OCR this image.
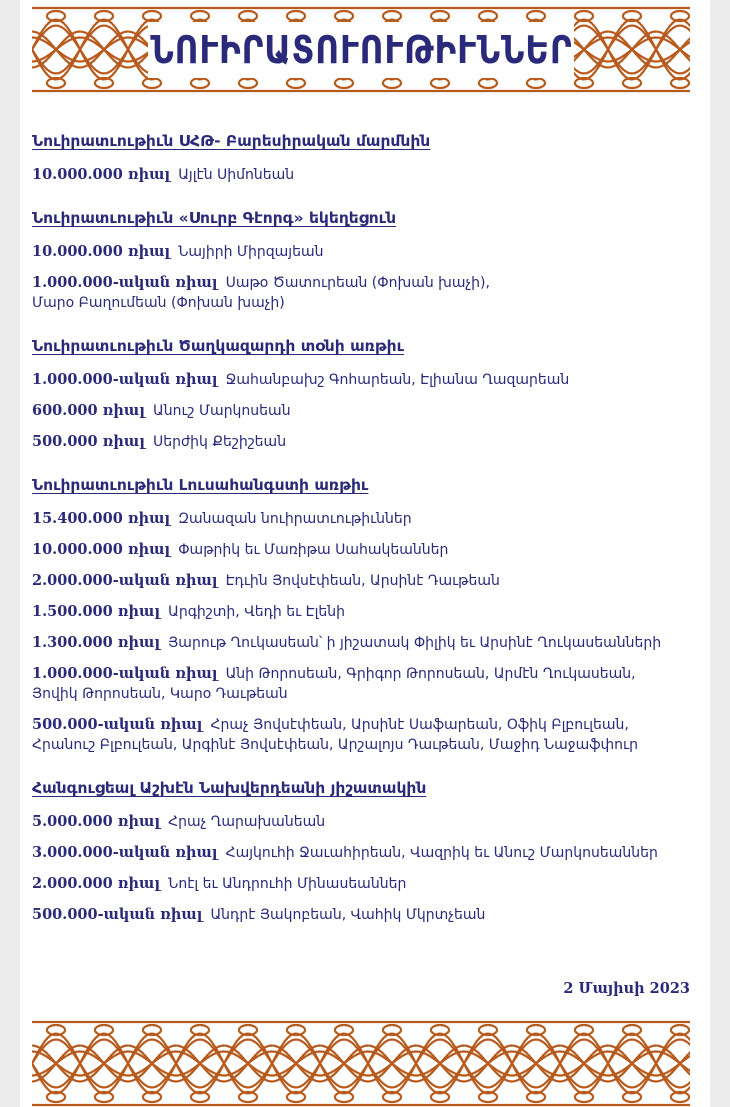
ՆՈՒԻՐԱՏՈՒՈՒԹԻՒՆՆԵՐ
Նուիրատւութիւն ՍՀԹ- Բարեսիրական մարմնին
10.000.000 ռիալ Այլէն Սիմոնեան
Նուիրատւութիւն «Սուրբ Գէորգ» եկեղեցուն
10.000.000 ռիալ Նայիրի Միրզայեան
1.000.000-ական ռիալ Սաթօ Ծատուրեան (Փոխան խաչի),
Մարօ Բաղումեան (Փոխան խաչի)
Նուիրատւութիւն Ծաղկազարդի տօնի առթիւ
1.000.000-ական ռիալ Ջահանբախշ Գոհարեան, Էլիանա Ղազարեան
600.000 ռիալ Անուշ Մարկոսեան
500.000 ռիալ Սերժիկ Քեշիշեան
Նուիրատւութիւն Լուսահանգստի առթիւ
15.400.000 ռիալ Զանազան նուիրատւութիւններ
10.000.000 ռիալ Փաթրիկ եւ Մառիթա Սահակեաններ
2.000.000-ական ռիալ Էդւին Յովսէփեան, Արսինէ Դաւթեան
1.500.000 ռիալ Արգիշտի, Վեդի եւ Էլենի
1.300.000 ռիալ Յարութ Ղուկասեան՝ ի յիշատակ Փիլիկ եւ Արսինէ Ղուկասեանների
1.000.000-ական ռիալ Անի Թորոսեան, Գրիգոր Թորոսեան, Արմէն Ղուկասեան,
Յովիկ Թորոսեան, Կարօ Դաւթեան
500.000-ական ռիալ Հրաչ Յովսէփեան, Արսինէ Սաֆարեան, Օֆիկ Բլբուլեան,
Հրանուշ Բլբուլեան, Արգինէ Յովսէփեան, Արշալոյս Դաւթեան, Մաջիդ Նաջաֆփուր
Հանգուցեալ Աշխէն Նախվերդեանի յիշատակին
5.000.000 ռիալ Հրաչ Ղարախանեան
3.000.000-ական ռիալ Հայկուհի Ջաւահիրեան, Վազրիկ եւ Անուշ Մարկոսեաններ
2.000.000 ռիալ Նոէլ եւ Անդրուհի Մինասեաններ
500.000-ական ռիալ Անդրէ Յակոբեան, Վահիկ Մկրտչեան
2 Մայիսի 2023
